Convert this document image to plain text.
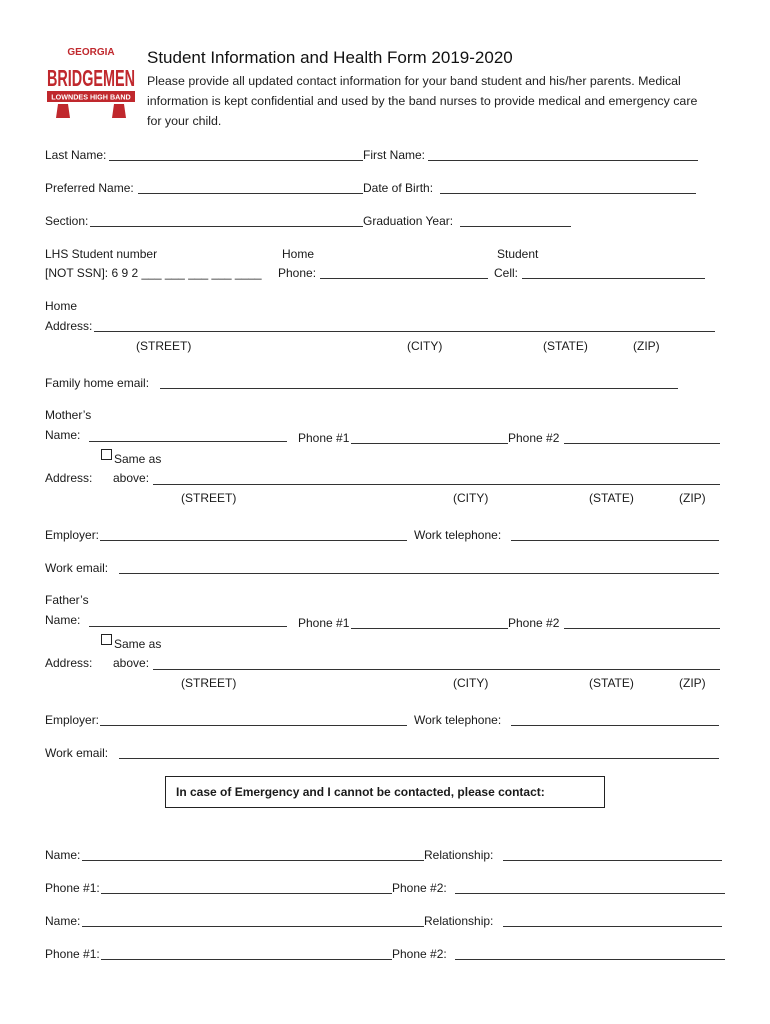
GEORGIA
BRIDGEMEN
LOWNDES HIGH BAND
Student Information and Health Form 2019-2020
Please provide all updated contact information for your band student and his/her parents. Medical
information is kept confidential and used by the band nurses to provide medical and emergency care
for your child.
Last Name:	First Name:
Preferred Name:	Date of Birth:
Section:	Graduation Year:
LHS Student number
[NOT SSN]: 6 9 2 ___ ___ ___ ___ ____
Home
Phone:
Student
Cell:
Home
Address:
(STREET)	(CITY)	(STATE)	(ZIP)
Family home email:
Mother’s
Name:	Phone #1	Phone #2
Same as
Address: above:
(STREET)	(CITY)	(STATE)	(ZIP)
Employer:	Work telephone:
Work email:
Father’s
Name:	Phone #1	Phone #2
Same as
Address: above:
(STREET)	(CITY)	(STATE)	(ZIP)
Employer:	Work telephone:
Work email:
In case of Emergency and I cannot be contacted, please contact:
Name:	Relationship:
Phone #1:	Phone #2:
Name:	Relationship:
Phone #1:	Phone #2:
